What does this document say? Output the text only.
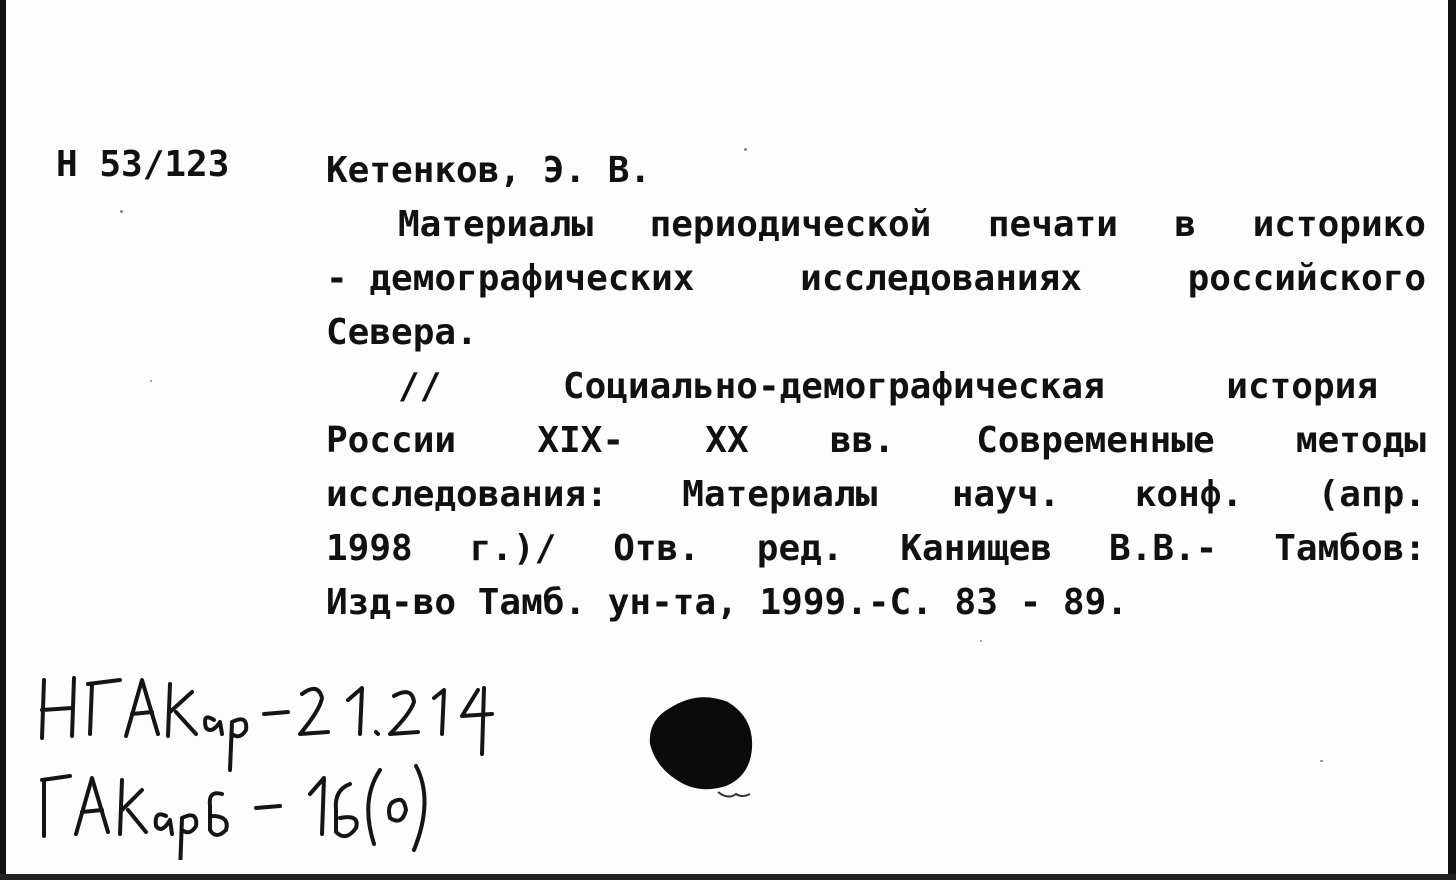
Н 53/123	Кетенков, Э. В.
Материалы периодической печати в историко
- демографических	исследованиях	российского
Севера.
//	Социально-демографическая	история
России XIX- XX вв. Современные методы
исследования: Материалы науч. конф. (апр.
1998 г.)/ Отв. ред. Канищев В.В.- Тамбов:
Изд-во Тамб. ун-та, 1999.-С. 83 - 89.
